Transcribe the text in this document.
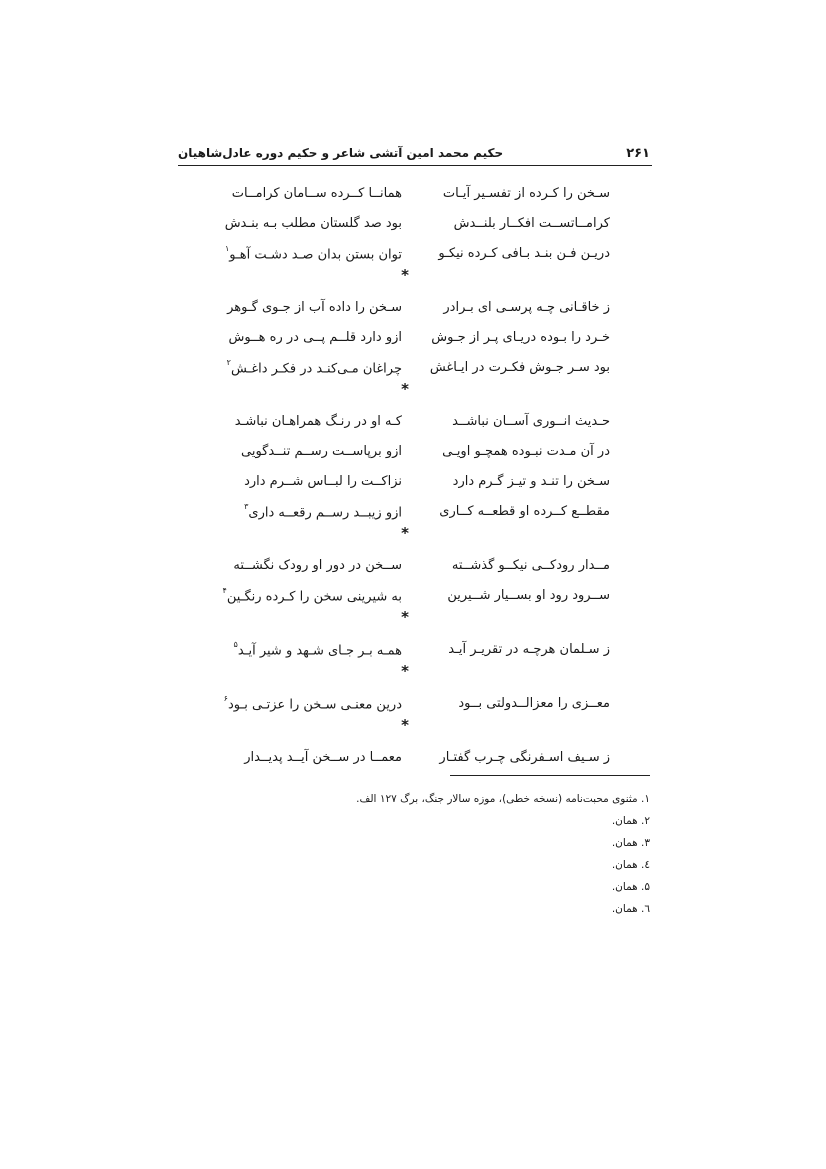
۲۶۱
حکیم محمد امین آتشی شاعر و حکیم دوره عادل‌شاهیان
سـخن را کـرده از تفسـیر آیـات
همانــا کــرده ســامان کرامــات
کرامــاتســت افکــار بلنــدش
بود صد گلستان مطلب بـه بنـدش
دریـن فـن بنـد بـافی کـرده نیکـو
توان بستن بدان صـد دشـت آهـو$^۱$
*
ز خاقـانی چـه پرسـی ای بـرادر
سـخن را داده آب از جـوی گـوهر
خـرد را بـوده دریـای پـر از جـوش
ازو دارد قلــم پــی در ره هــوش
بود سـر جـوش فکـرت در ایـاغش
چراغان مـی‌کنـد در فکـر داغـش$^۲$
*
حـدیث انــوری آســان نباشــد
کـه او در رنـگ همراهـان نباشـد
در آن مـدت نبـوده همچـو اویـی
ازو برپاســت رســم تنــدگویی
سـخن را تنـد و تیـز گـرم دارد
نزاکــت را لبــاس شــرم دارد
مقطــع کــرده او قطعــه کــاری
ازو زیبــد رســم رقعــه داری$^۳$
*
مــدار رودکــی نیکــو گذشــته
ســخن در دور او رودک نگشــته
ســرود رود او بســیار شــیرین
به شیرینی سخن را کـرده رنگـین$^۴$
*
ز سـلمان هرچـه در تقریـر آیـد
همـه بـر جـای شـهد و شیر آیـد$^۵$
*
معــزی را معزالــدولتی بــود
درین معنـی سـخن را عزتـی بـود$^۶$
*
ز سـیف اسـفرنگی چـرب گفتـار
معمــا در ســخن آیــد پدیــدار
۱. مثنوی محبت‌نامه (نسخه خطی)، موزه سالار جنگ، برگ ۱۲۷ الف.
۲. همان.
۳. همان.
٤. همان.
۵. همان.
٦. همان.
